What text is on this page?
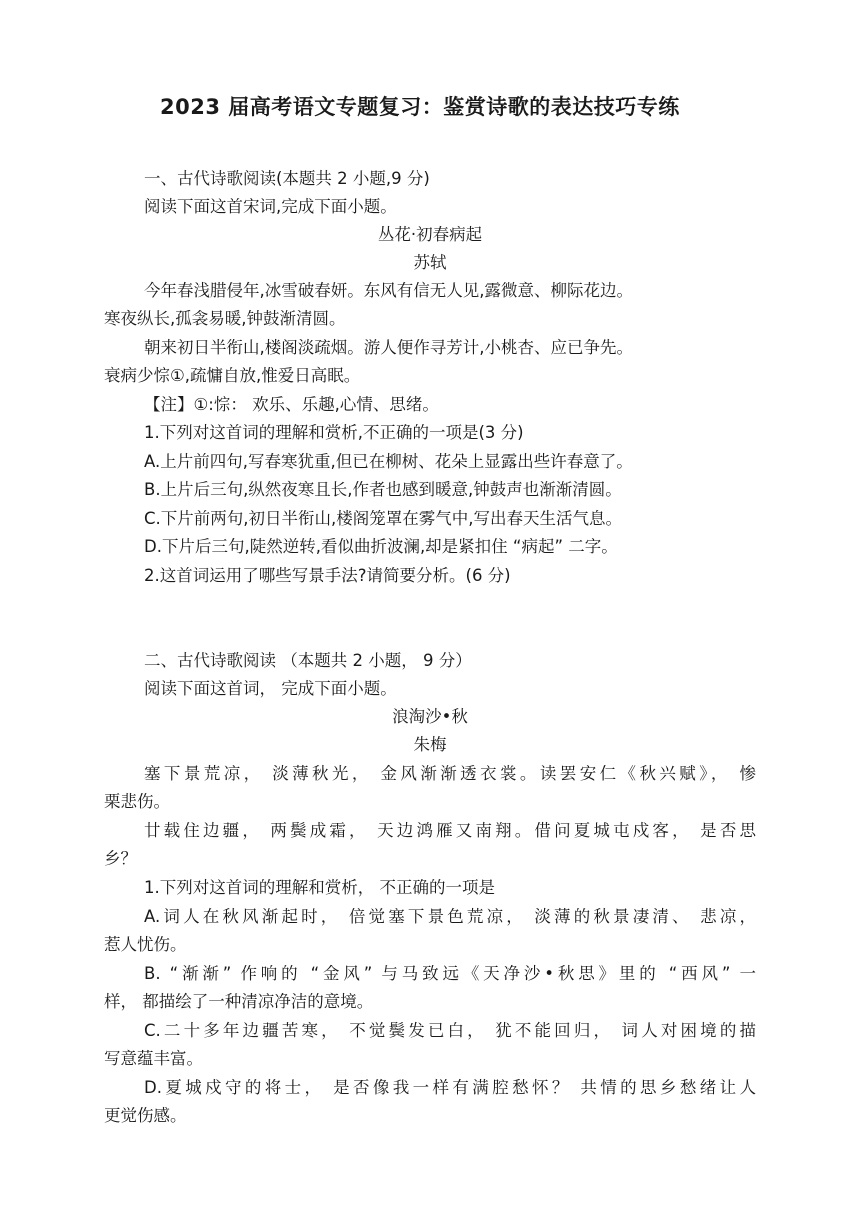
2023 届高考语文专题复习：鉴赏诗歌的表达技巧专练
一、古代诗歌阅读(本题共 2 小题,9 分)
阅读下面这首宋词,完成下面小题。
丛花·初春病起
苏轼
今年春浅腊侵年,冰雪破春妍。东风有信无人见,露微意、柳际花边。
寒夜纵长,孤衾易暖,钟鼓渐清圆。
朝来初日半衔山,楼阁淡疏烟。游人便作寻芳计,小桃杏、应已争先。
衰病少悰①,疏慵自放,惟爱日高眠。
【注】①:悰： 欢乐、乐趣,心情、思绪。
1.下列对这首词的理解和赏析,不正确的一项是(3 分)
A.上片前四句,写春寒犹重,但已在柳树、花朵上显露出些许春意了。
B.上片后三句,纵然夜寒且长,作者也感到暖意,钟鼓声也渐渐清圆。
C.下片前两句,初日半衔山,楼阁笼罩在雾气中,写出春天生活气息。
D.下片后三句,陡然逆转,看似曲折波澜,却是紧扣住 “病起” 二字。
2.这首词运用了哪些写景手法?请简要分析。(6 分)
二、古代诗歌阅读 （本题共 2 小题， 9 分）
阅读下面这首词， 完成下面小题。
浪淘沙•秋
朱梅
塞下景荒凉， 淡薄秋光， 金风渐渐透衣裳。读罢安仁《秋兴赋》， 惨
栗悲伤。
廿载住边疆， 两鬓成霜， 天边鸿雁又南翔。借问夏城屯戍客， 是否思
乡？
1.下列对这首词的理解和赏析， 不正确的一项是
A.词人在秋风渐起时， 倍觉塞下景色荒凉， 淡薄的秋景凄清、 悲凉，
惹人忧伤。
B. “渐渐” 作响的 “金风” 与马致远《天净沙•秋思》里的 “西风” 一
样， 都描绘了一种清凉净洁的意境。
C.二十多年边疆苦寒， 不觉鬓发已白， 犹不能回归， 词人对困境的描
写意蕴丰富。
D.夏城戍守的将士， 是否像我一样有满腔愁怀？ 共情的思乡愁绪让人
更觉伤感。
